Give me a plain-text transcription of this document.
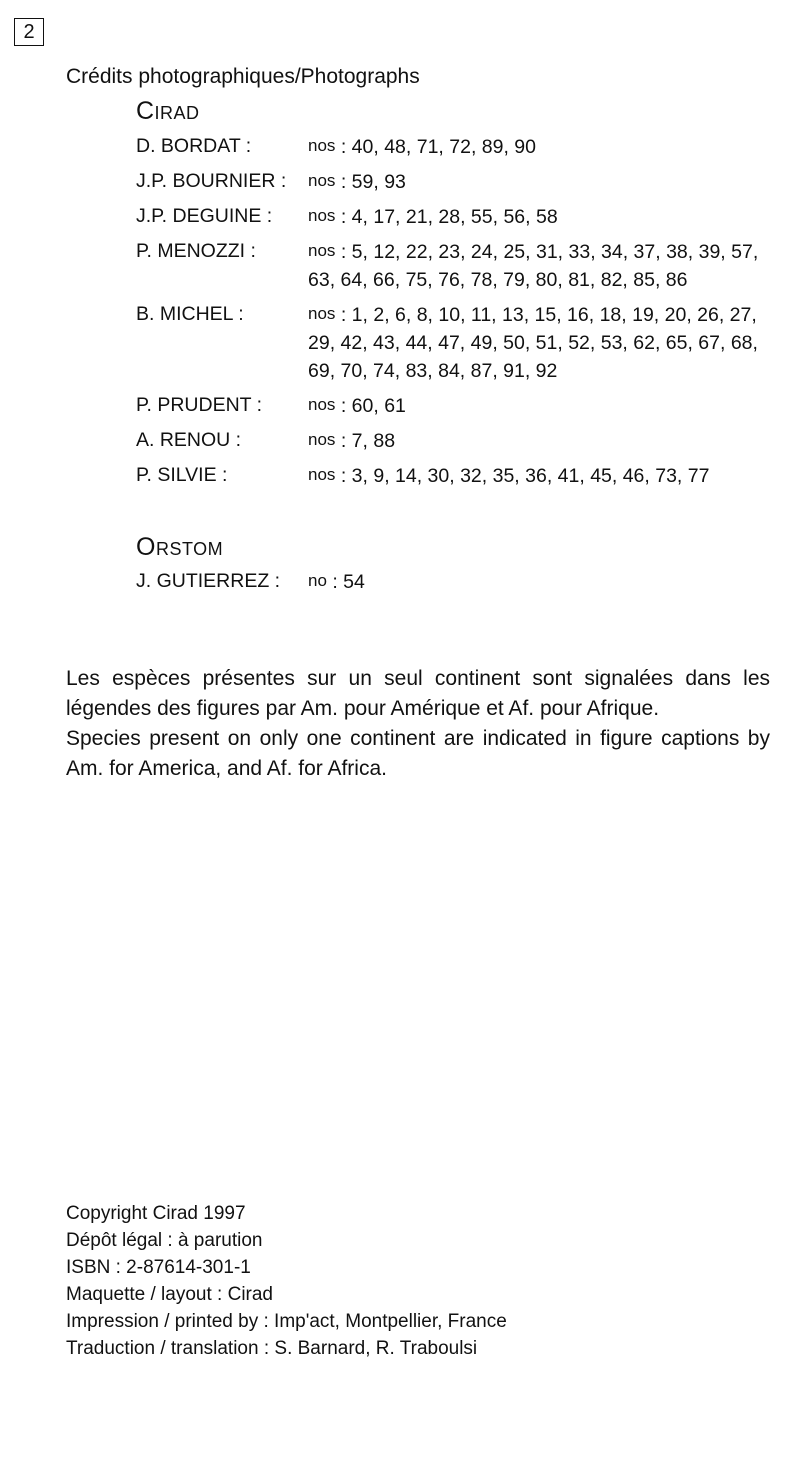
2
Crédits photographiques/Photographs
Cirad
D. BORDAT :	nos : 40, 48, 71, 72, 89, 90
J.P. BOURNIER :	nos : 59, 93
J.P. DEGUINE :	nos : 4, 17, 21, 28, 55, 56, 58
P. MENOZZI :	nos : 5, 12, 22, 23, 24, 25, 31, 33, 34, 37, 38, 39, 57, 63, 64, 66, 75, 76, 78, 79, 80, 81, 82, 85, 86
B. MICHEL :	nos : 1, 2, 6, 8, 10, 11, 13, 15, 16, 18, 19, 20, 26, 27, 29, 42, 43, 44, 47, 49, 50, 51, 52, 53, 62, 65, 67, 68, 69, 70, 74, 83, 84, 87, 91, 92
P. PRUDENT :	nos : 60, 61
A. RENOU :	nos : 7, 88
P. SILVIE :	nos : 3, 9, 14, 30, 32, 35, 36, 41, 45, 46, 73, 77
Orstom
J. GUTIERREZ :	no : 54

Les espèces présentes sur un seul continent sont signalées dans les légendes des figures par Am. pour Amérique et Af. pour Afrique.

Species present on only one continent are indicated in figure captions by Am. for America, and Af. for Africa.

Copyright Cirad 1997
Dépôt légal : à parution
ISBN : 2-87614-301-1
Maquette / layout : Cirad
Impression / printed by : Imp'act, Montpellier, France
Traduction / translation : S. Barnard, R. Traboulsi
